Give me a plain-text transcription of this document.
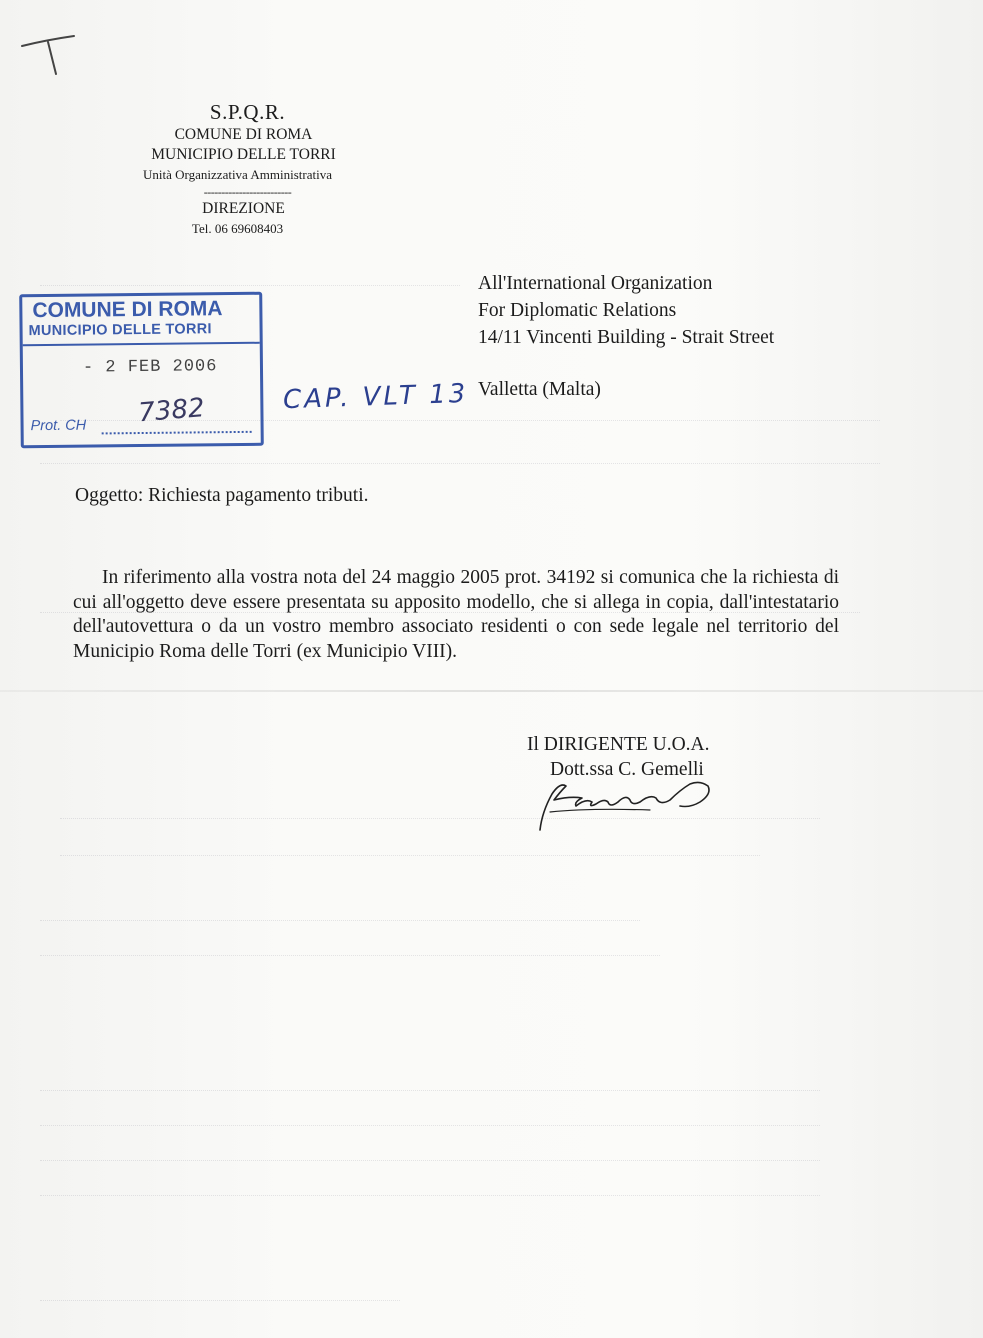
S.P.Q.R.
COMUNE DI ROMA
MUNICIPIO DELLE TORRI
Unità Organizzativa Amministrativa
-------------------------
DIREZIONE
Tel. 06 69608403
COMUNE DI ROMA
MUNICIPIO DELLE TORRI
- 2 FEB 2006
Prot. CH 7382	CAP. VLT 13
All'International Organization
For Diplomatic Relations
14/11 Vincenti Building - Strait Street
Valletta (Malta)
Oggetto: Richiesta pagamento tributi.
In riferimento alla vostra nota del 24 maggio 2005 prot. 34192 si comunica che la richiesta di cui all'oggetto deve essere presentata su apposito modello, che si allega in copia, dall'intestatario dell'autovettura o da un vostro membro associato residenti o con sede legale nel territorio del Municipio Roma delle Torri (ex Municipio VIII).
Il DIRIGENTE U.O.A.
Dott.ssa C. Gemelli
